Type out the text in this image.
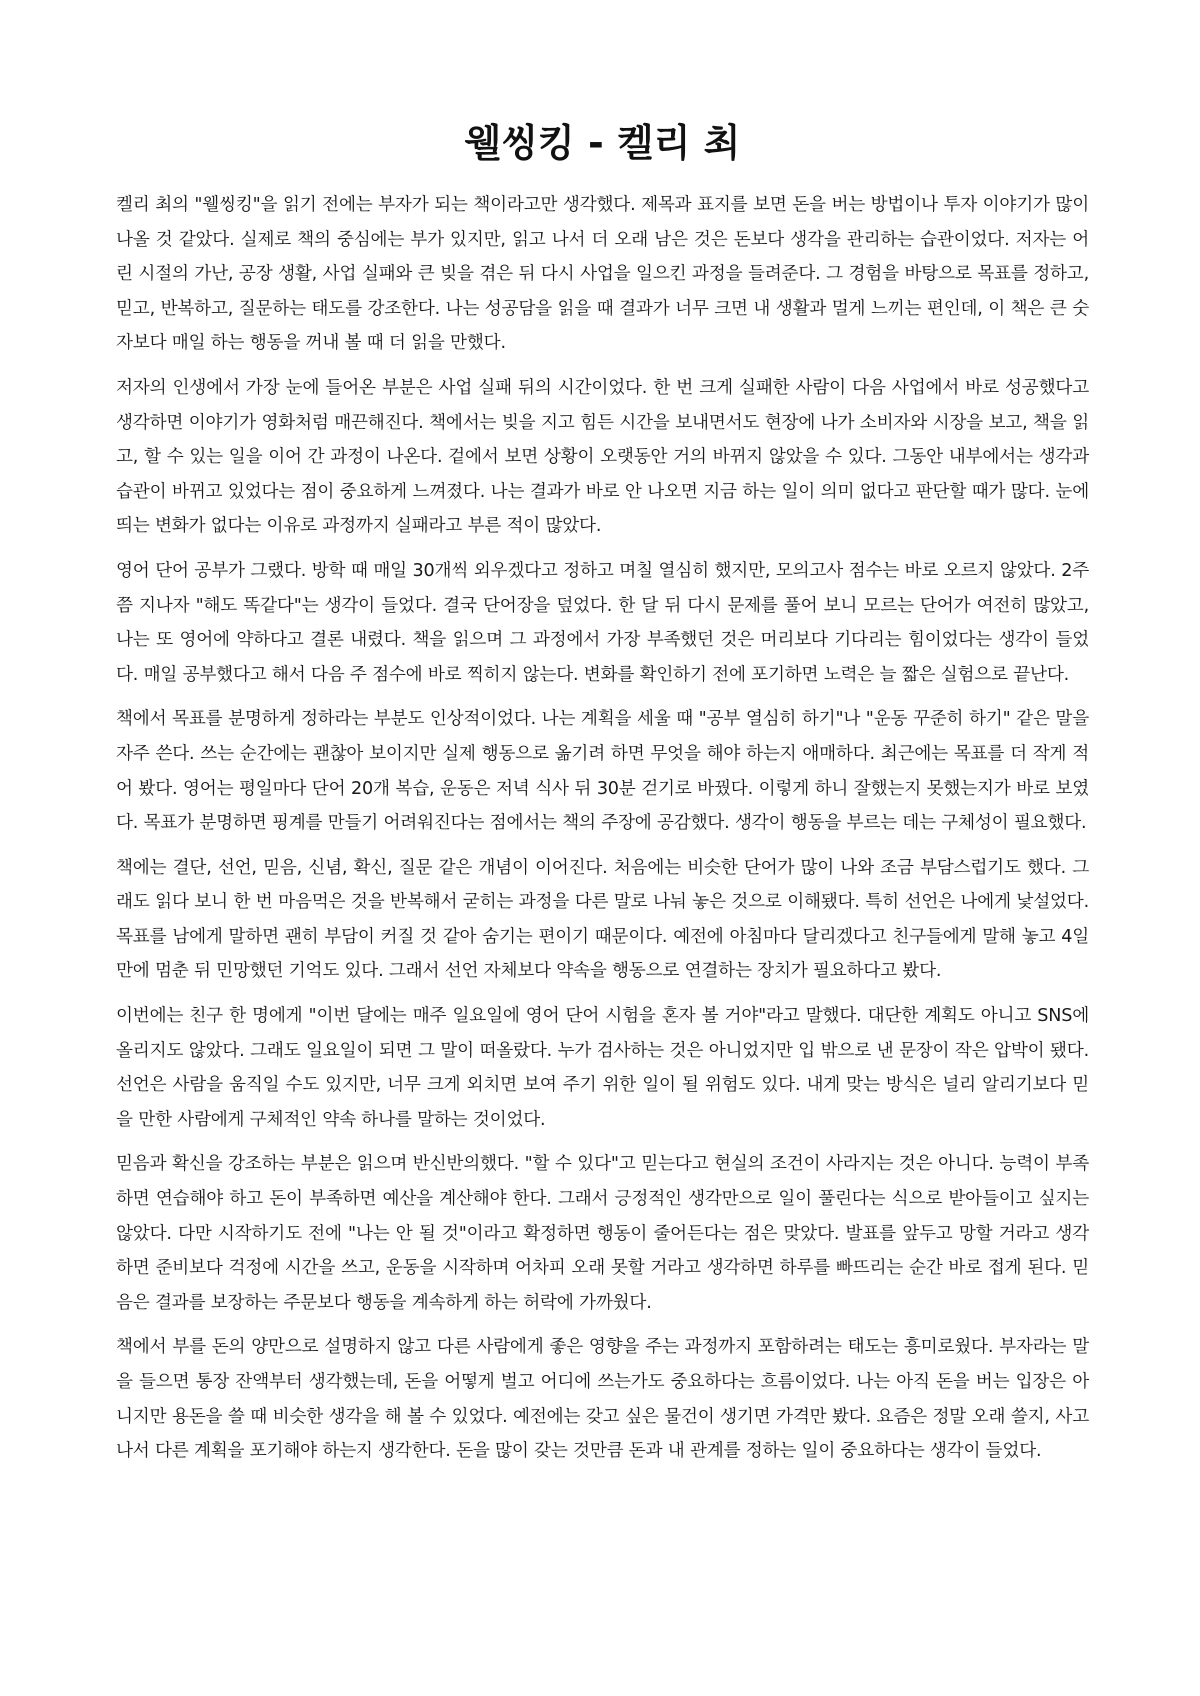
웰씽킹 - 켈리 최

켈리 최의 "웰씽킹"을 읽기 전에는 부자가 되는 책이라고만 생각했다. 제목과 표지를 보면 돈을 버는 방법이나 투자 이야기가 많이 나올 것 같았다. 실제로 책의 중심에는 부가 있지만, 읽고 나서 더 오래 남은 것은 돈보다 생각을 관리하는 습관이었다. 저자는 어린 시절의 가난, 공장 생활, 사업 실패와 큰 빚을 겪은 뒤 다시 사업을 일으킨 과정을 들려준다. 그 경험을 바탕으로 목표를 정하고, 믿고, 반복하고, 질문하는 태도를 강조한다. 나는 성공담을 읽을 때 결과가 너무 크면 내 생활과 멀게 느끼는 편인데, 이 책은 큰 숫자보다 매일 하는 행동을 꺼내 볼 때 더 읽을 만했다.

저자의 인생에서 가장 눈에 들어온 부분은 사업 실패 뒤의 시간이었다. 한 번 크게 실패한 사람이 다음 사업에서 바로 성공했다고 생각하면 이야기가 영화처럼 매끈해진다. 책에서는 빚을 지고 힘든 시간을 보내면서도 현장에 나가 소비자와 시장을 보고, 책을 읽고, 할 수 있는 일을 이어 간 과정이 나온다. 겉에서 보면 상황이 오랫동안 거의 바뀌지 않았을 수 있다. 그동안 내부에서는 생각과 습관이 바뀌고 있었다는 점이 중요하게 느껴졌다. 나는 결과가 바로 안 나오면 지금 하는 일이 의미 없다고 판단할 때가 많다. 눈에 띄는 변화가 없다는 이유로 과정까지 실패라고 부른 적이 많았다.

영어 단어 공부가 그랬다. 방학 때 매일 30개씩 외우겠다고 정하고 며칠 열심히 했지만, 모의고사 점수는 바로 오르지 않았다. 2주쯤 지나자 "해도 똑같다"는 생각이 들었다. 결국 단어장을 덮었다. 한 달 뒤 다시 문제를 풀어 보니 모르는 단어가 여전히 많았고, 나는 또 영어에 약하다고 결론 내렸다. 책을 읽으며 그 과정에서 가장 부족했던 것은 머리보다 기다리는 힘이었다는 생각이 들었다. 매일 공부했다고 해서 다음 주 점수에 바로 찍히지 않는다. 변화를 확인하기 전에 포기하면 노력은 늘 짧은 실험으로 끝난다.

책에서 목표를 분명하게 정하라는 부분도 인상적이었다. 나는 계획을 세울 때 "공부 열심히 하기"나 "운동 꾸준히 하기" 같은 말을 자주 쓴다. 쓰는 순간에는 괜찮아 보이지만 실제 행동으로 옮기려 하면 무엇을 해야 하는지 애매하다. 최근에는 목표를 더 작게 적어 봤다. 영어는 평일마다 단어 20개 복습, 운동은 저녁 식사 뒤 30분 걷기로 바꿨다. 이렇게 하니 잘했는지 못했는지가 바로 보였다. 목표가 분명하면 핑계를 만들기 어려워진다는 점에서는 책의 주장에 공감했다. 생각이 행동을 부르는 데는 구체성이 필요했다.

책에는 결단, 선언, 믿음, 신념, 확신, 질문 같은 개념이 이어진다. 처음에는 비슷한 단어가 많이 나와 조금 부담스럽기도 했다. 그래도 읽다 보니 한 번 마음먹은 것을 반복해서 굳히는 과정을 다른 말로 나눠 놓은 것으로 이해됐다. 특히 선언은 나에게 낯설었다. 목표를 남에게 말하면 괜히 부담이 커질 것 같아 숨기는 편이기 때문이다. 예전에 아침마다 달리겠다고 친구들에게 말해 놓고 4일 만에 멈춘 뒤 민망했던 기억도 있다. 그래서 선언 자체보다 약속을 행동으로 연결하는 장치가 필요하다고 봤다.

이번에는 친구 한 명에게 "이번 달에는 매주 일요일에 영어 단어 시험을 혼자 볼 거야"라고 말했다. 대단한 계획도 아니고 SNS에 올리지도 않았다. 그래도 일요일이 되면 그 말이 떠올랐다. 누가 검사하는 것은 아니었지만 입 밖으로 낸 문장이 작은 압박이 됐다. 선언은 사람을 움직일 수도 있지만, 너무 크게 외치면 보여 주기 위한 일이 될 위험도 있다. 내게 맞는 방식은 널리 알리기보다 믿을 만한 사람에게 구체적인 약속 하나를 말하는 것이었다.

믿음과 확신을 강조하는 부분은 읽으며 반신반의했다. "할 수 있다"고 믿는다고 현실의 조건이 사라지는 것은 아니다. 능력이 부족하면 연습해야 하고 돈이 부족하면 예산을 계산해야 한다. 그래서 긍정적인 생각만으로 일이 풀린다는 식으로 받아들이고 싶지는 않았다. 다만 시작하기도 전에 "나는 안 될 것"이라고 확정하면 행동이 줄어든다는 점은 맞았다. 발표를 앞두고 망할 거라고 생각하면 준비보다 걱정에 시간을 쓰고, 운동을 시작하며 어차피 오래 못할 거라고 생각하면 하루를 빠뜨리는 순간 바로 접게 된다. 믿음은 결과를 보장하는 주문보다 행동을 계속하게 하는 허락에 가까웠다.

책에서 부를 돈의 양만으로 설명하지 않고 다른 사람에게 좋은 영향을 주는 과정까지 포함하려는 태도는 흥미로웠다. 부자라는 말을 들으면 통장 잔액부터 생각했는데, 돈을 어떻게 벌고 어디에 쓰는가도 중요하다는 흐름이었다. 나는 아직 돈을 버는 입장은 아니지만 용돈을 쓸 때 비슷한 생각을 해 볼 수 있었다. 예전에는 갖고 싶은 물건이 생기면 가격만 봤다. 요즘은 정말 오래 쓸지, 사고 나서 다른 계획을 포기해야 하는지 생각한다. 돈을 많이 갖는 것만큼 돈과 내 관계를 정하는 일이 중요하다는 생각이 들었다.
